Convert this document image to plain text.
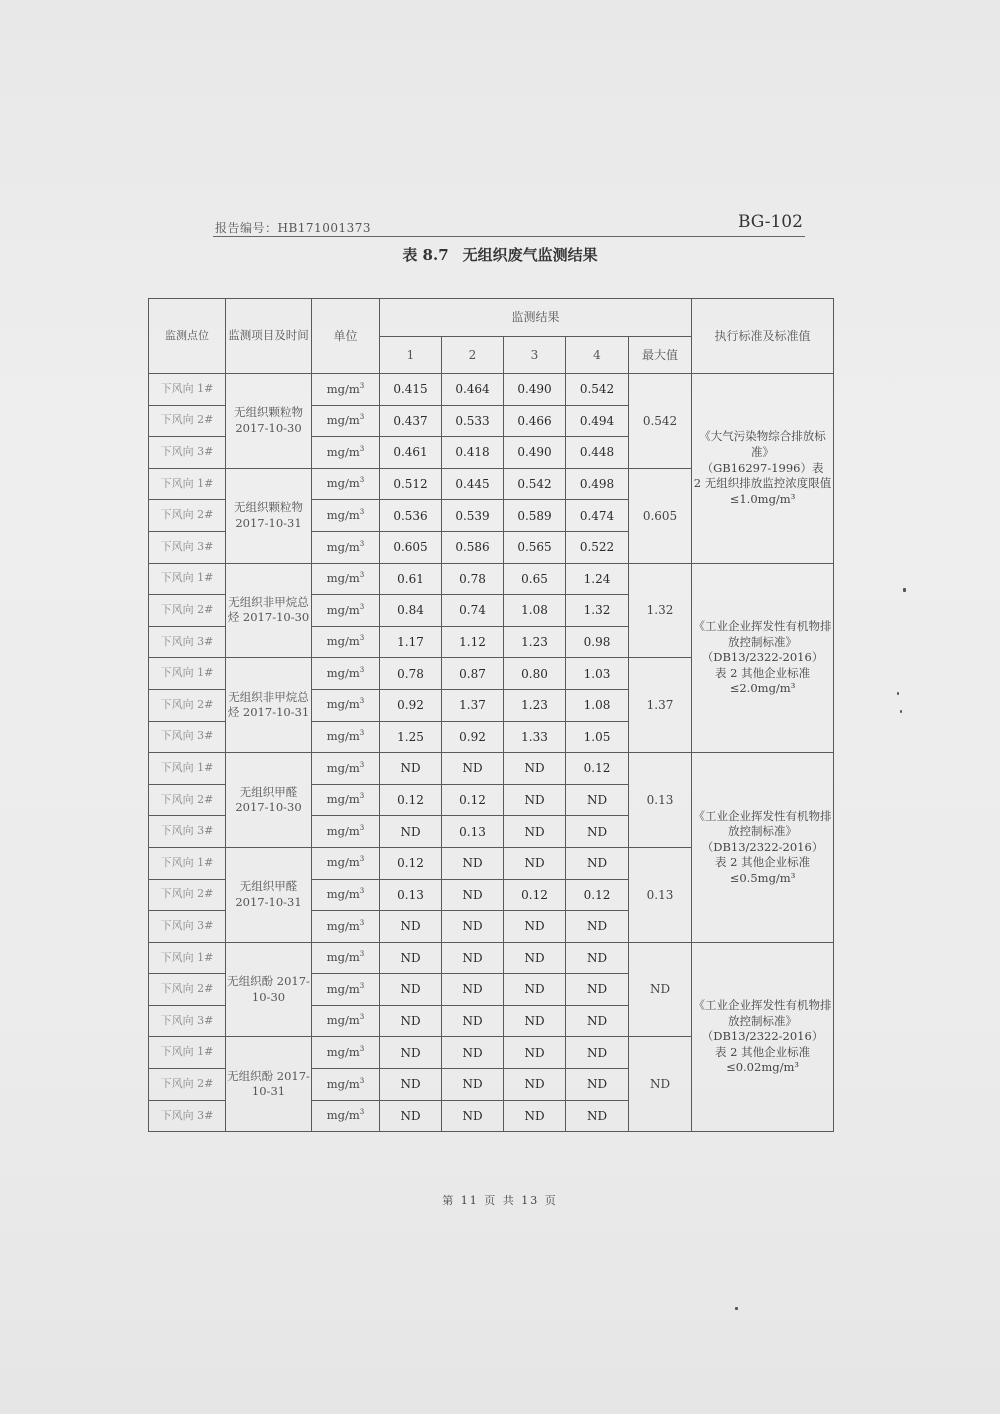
报告编号：HB171001373	BG-102
表 8.7 无组织废气监测结果
监测点位	监测项目及时间	单位	监测结果					执行标准及标准值
			1	2	3	4	最大值	
下风向 1#	无组织颗粒物 2017-10-30	$mg/m^3$	0.415	0.464	0.490	0.542	0.542	《大气污染物综合排放标准》
（GB16297-1996）表
2 无组织排放监控浓度限值
≤1.0mg/m³

下风向 2#		$mg/m^3$	0.437	0.533	0.466	0.494		
下风向 3#		$mg/m^3$	0.461	0.418	0.490	0.448		
下风向 1#	无组织颗粒物 2017-10-31	$mg/m^3$	0.512	0.445	0.542	0.498	0.605	
下风向 2#		$mg/m^3$	0.536	0.539	0.589	0.474		
下风向 3#		$mg/m^3$	0.605	0.586	0.565	0.522		
下风向 1#	无组织非甲烷总烃 2017-10-30	$mg/m^3$	0.61	0.78	0.65	1.24	1.32	《工业企业挥发性有机物排放控制标准》
（DB13/2322-2016）
表 2 其他企业标准
≤2.0mg/m³

下风向 2#		$mg/m^3$	0.84	0.74	1.08	1.32		
下风向 3#		$mg/m^3$	1.17	1.12	1.23	0.98		
下风向 1#	无组织非甲烷总烃 2017-10-31	$mg/m^3$	0.78	0.87	0.80	1.03	1.37	
下风向 2#		$mg/m^3$	0.92	1.37	1.23	1.08		
下风向 3#		$mg/m^3$	1.25	0.92	1.33	1.05		
下风向 1#	无组织甲醛 2017-10-30	$mg/m^3$	ND	ND	ND	0.12	0.13	《工业企业挥发性有机物排放控制标准》
（DB13/2322-2016）
表 2 其他企业标准
≤0.5mg/m³

下风向 2#		$mg/m^3$	0.12	0.12	ND	ND		
下风向 3#		$mg/m^3$	ND	0.13	ND	ND		
下风向 1#	无组织甲醛 2017-10-31	$mg/m^3$	0.12	ND	ND	ND	0.13	
下风向 2#		$mg/m^3$	0.13	ND	0.12	0.12		
下风向 3#		$mg/m^3$	ND	ND	ND	ND		
下风向 1#	无组织酚 2017-10-30	$mg/m^3$	ND	ND	ND	ND	ND	《工业企业挥发性有机物排放控制标准》
（DB13/2322-2016）
表 2 其他企业标准
≤0.02mg/m³

下风向 2#		$mg/m^3$	ND	ND	ND	ND		
下风向 3#		$mg/m^3$	ND	ND	ND	ND		
下风向 1#	无组织酚 2017-10-31	$mg/m^3$	ND	ND	ND	ND	ND	
下风向 2#		$mg/m^3$	ND	ND	ND	ND		
下风向 3#		$mg/m^3$	ND	ND	ND	ND		
第 11 页 共 13 页
